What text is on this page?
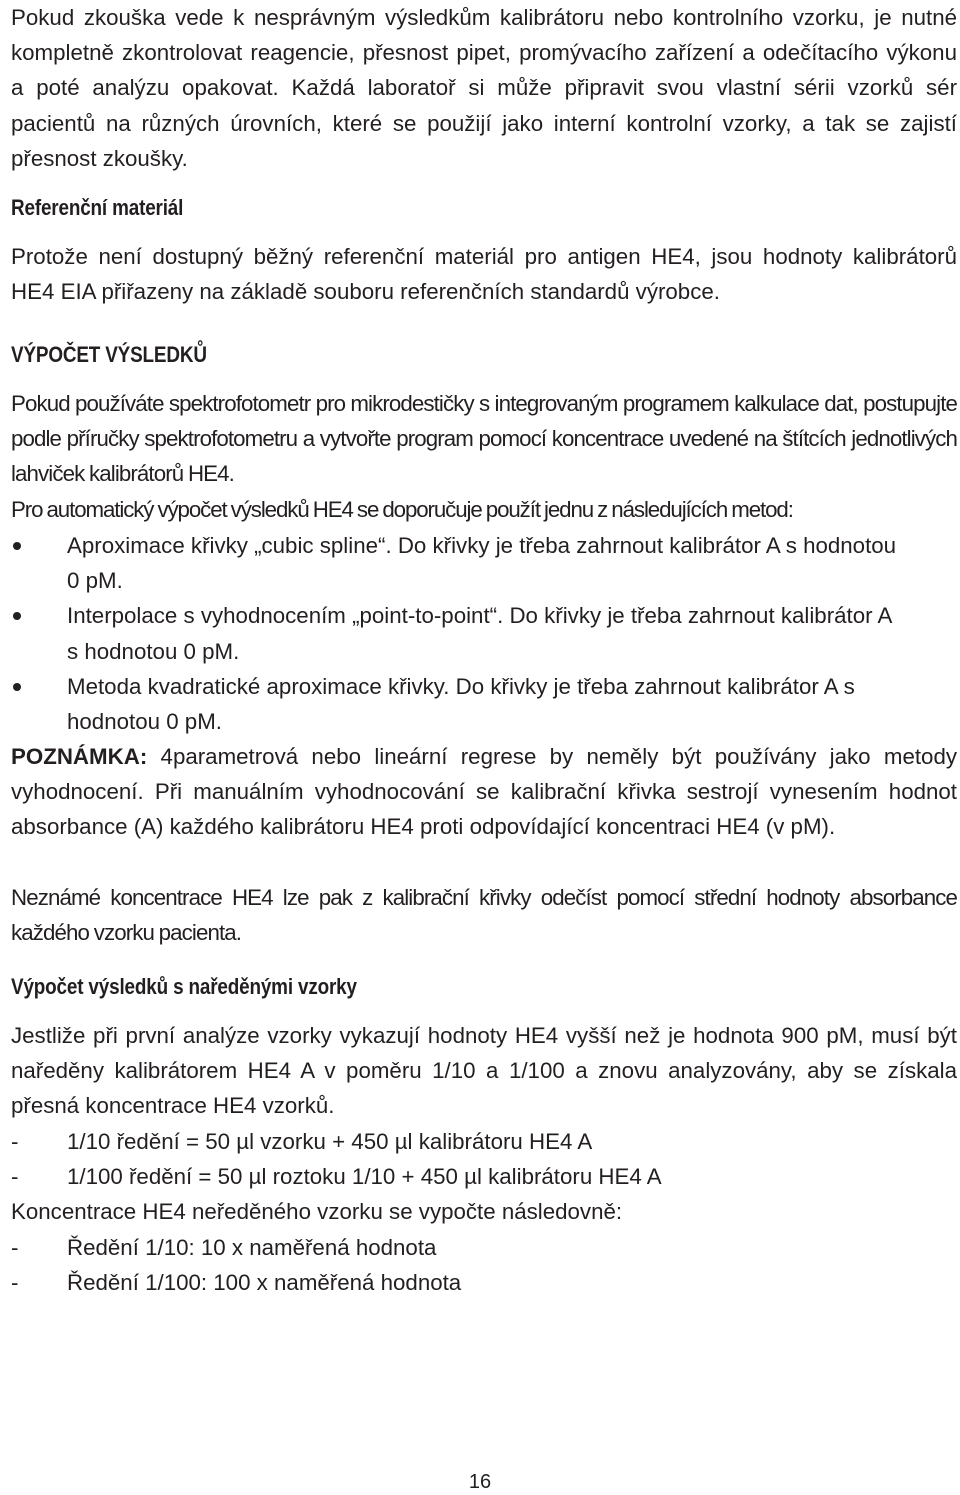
Pokud zkouška vede k nesprávným výsledkům kalibrátoru nebo kontrolního vzorku, je nutné kompletně zkontrolovat reagencie, přesnost pipet, promývacího zařízení a odečítacího výkonu a poté analýzu opakovat. Každá laboratoř si může připravit svou vlastní sérii vzorků sér pacientů na různých úrovních, které se použijí jako interní kontrolní vzorky, a tak se zajistí přesnost zkoušky.

Referenční materiál

Protože není dostupný běžný referenční materiál pro antigen HE4, jsou hodnoty kalibrátorů HE4 EIA přiřazeny na základě souboru referenčních standardů výrobce.

VÝPOČET VÝSLEDKŮ

Pokud používáte spektrofotometr pro mikrodestičky s integrovaným programem kalkulace dat, postupujte podle příručky spektrofotometru a vytvořte program pomocí koncentrace uvedené na štítcích jednotlivých lahviček kalibrátorů HE4.

Pro automatický výpočet výsledků HE4 se doporučuje použít jednu z následujících metod:

Aproximace křivky „cubic spline“. Do křivky je třeba zahrnout kalibrátor A s hodnotou 0 pM.
Interpolace s vyhodnocením „point-to-point“. Do křivky je třeba zahrnout kalibrátor A s hodnotou 0 pM.
Metoda kvadratické aproximace křivky. Do křivky je třeba zahrnout kalibrátor A s hodnotou 0 pM.

POZNÁMKA: 4parametrová nebo lineární regrese by neměly být používány jako metody vyhodnocení. Při manuálním vyhodnocování se kalibrační křivka sestrojí vynesením hodnot absorbance (A) každého kalibrátoru HE4 proti odpovídající koncentraci HE4 (v pM).

Neznámé koncentrace HE4 lze pak z kalibrační křivky odečíst pomocí střední hodnoty absorbance každého vzorku pacienta.

Výpočet výsledků s naředěnými vzorky

Jestliže při první analýze vzorky vykazují hodnoty HE4 vyšší než je hodnota 900 pM, musí být naředěny kalibrátorem HE4 A v poměru 1/10 a 1/100 a znovu analyzovány, aby se získala přesná koncentrace HE4 vzorků.

-	1/10 ředění = 50 µl vzorku + 450 µl kalibrátoru HE4 A
-	1/100 ředění = 50 µl roztoku 1/10 + 450 µl kalibrátoru HE4 A

Koncentrace HE4 neředěného vzorku se vypočte následovně:

-	Ředění 1/10: 10 x naměřená hodnota
-	Ředění 1/100: 100 x naměřená hodnota
16
